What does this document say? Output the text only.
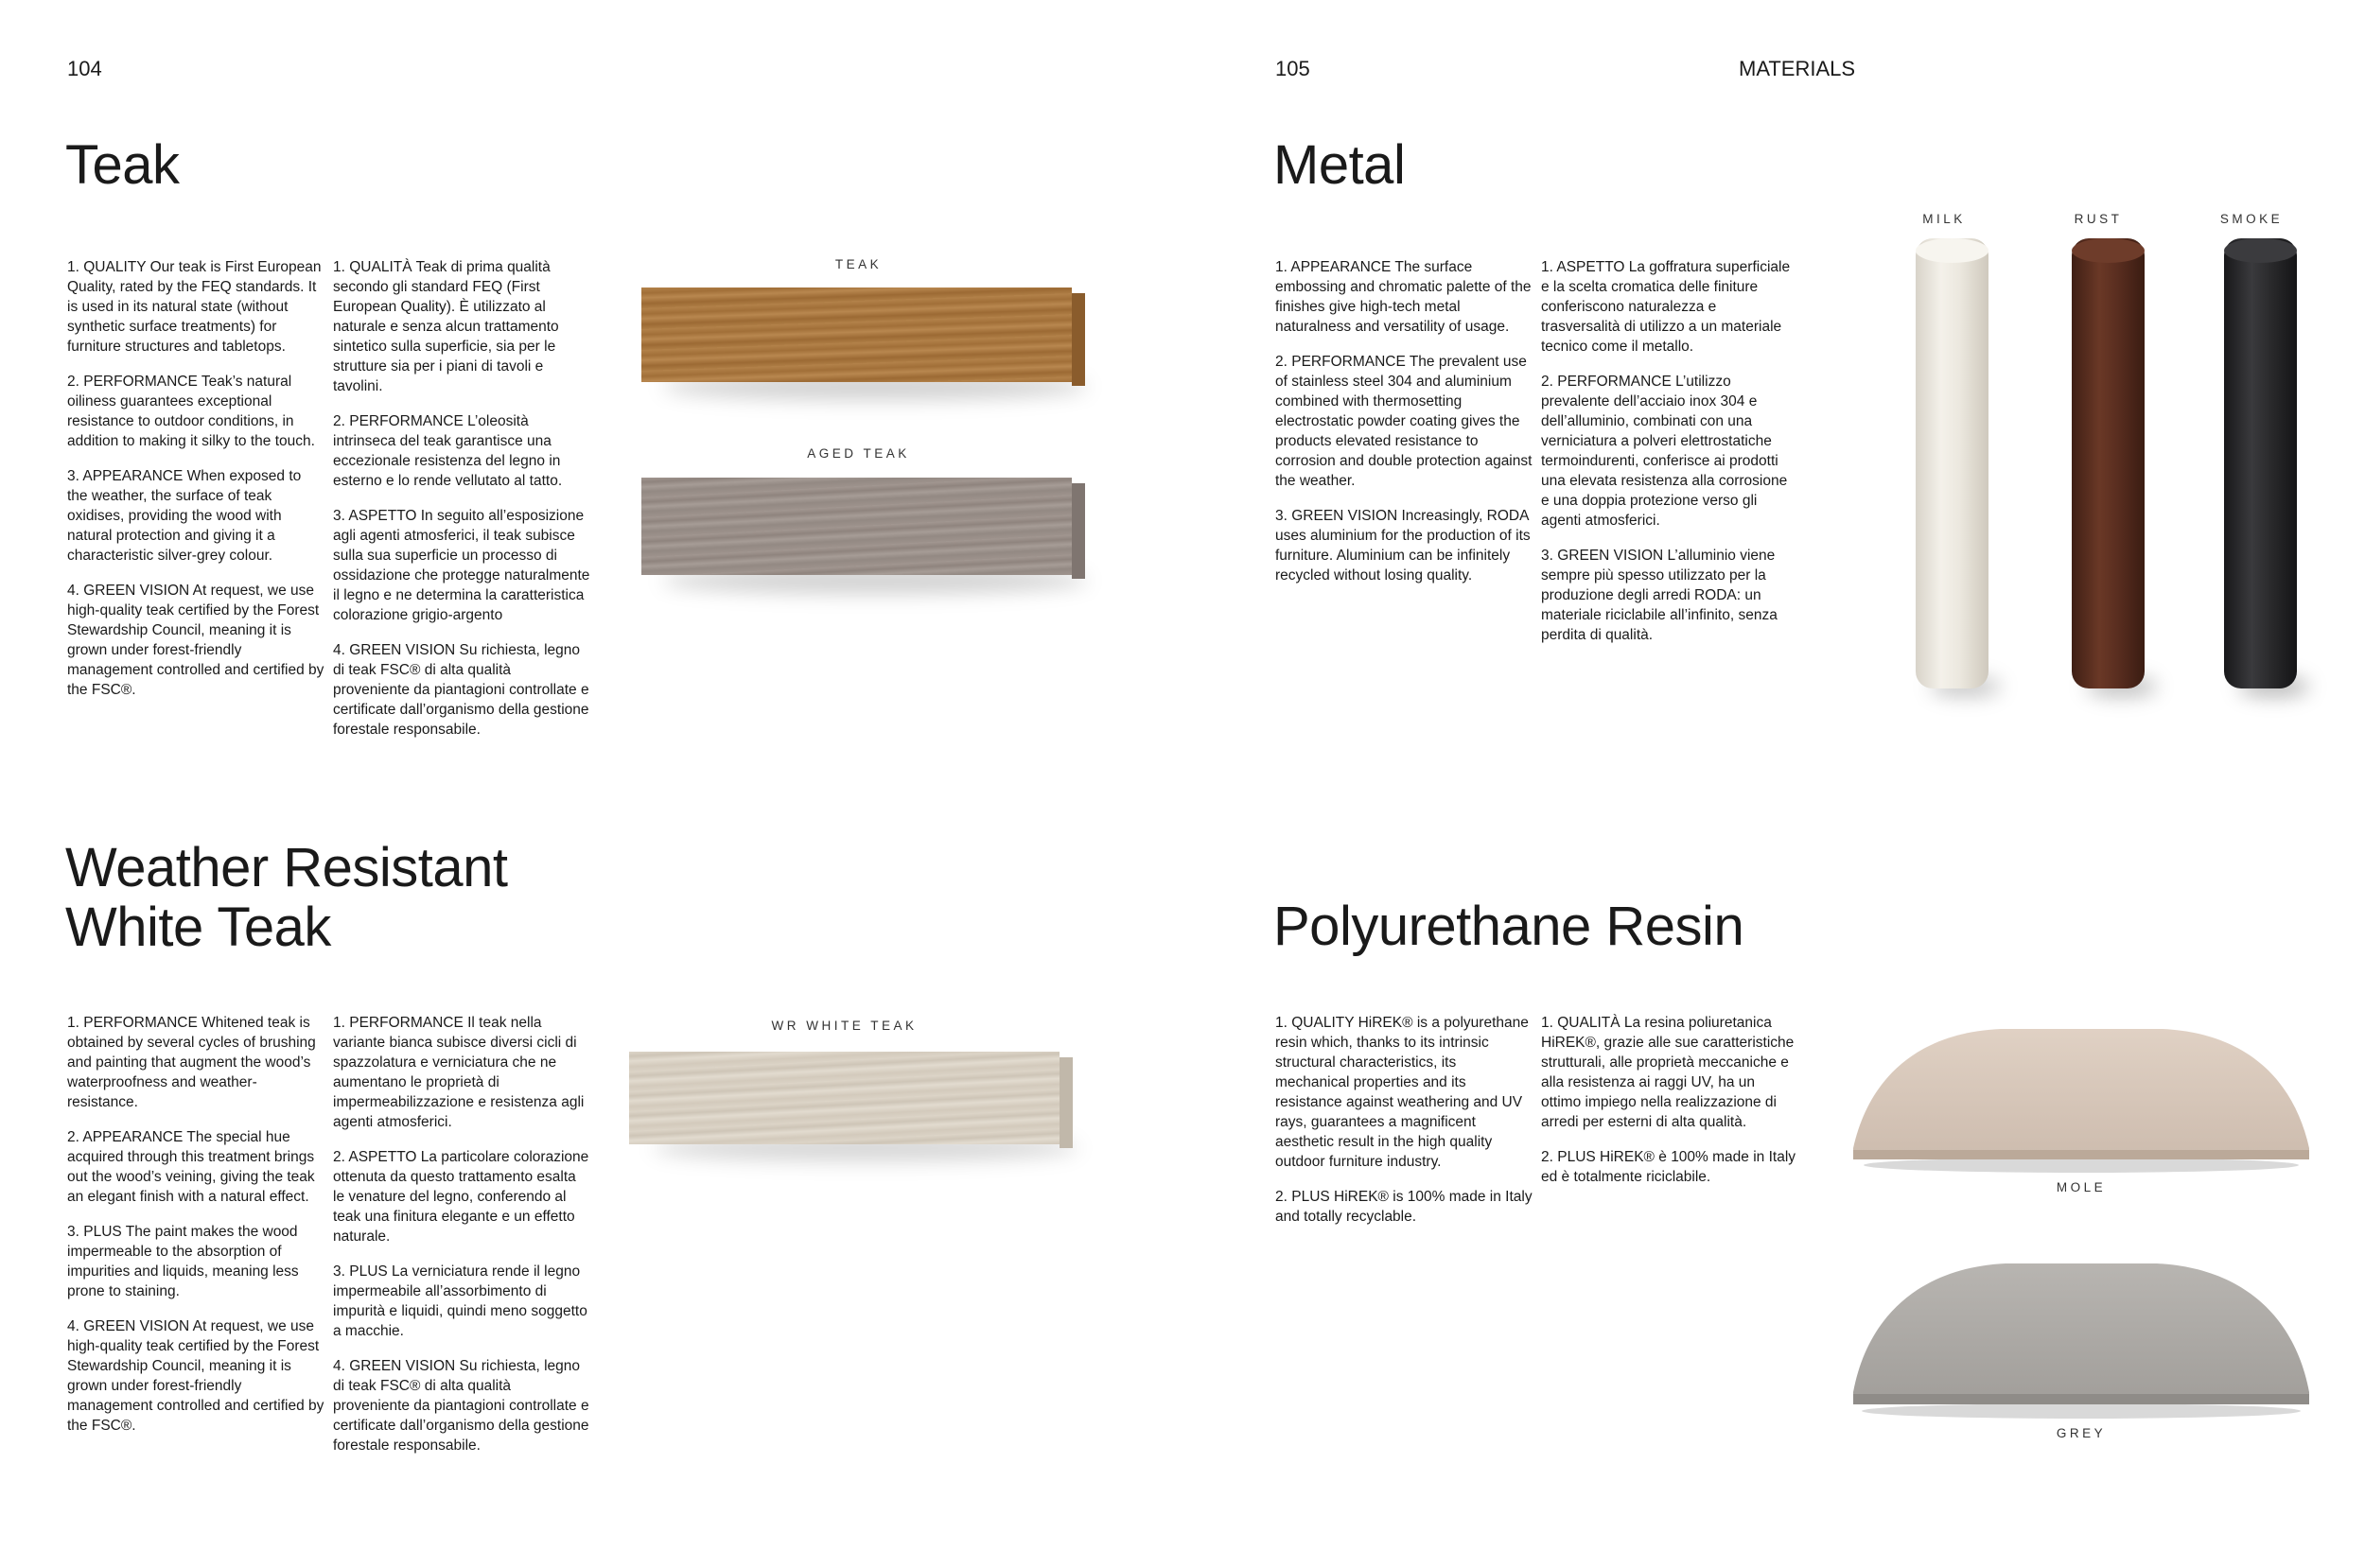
104
Teak

1. QUALITY Our teak is First European Quality, rated by the FEQ standards. It is used in its natural state (without synthetic surface treatments) for furniture structures and tabletops.

2. PERFORMANCE Teak’s natural oiliness guarantees exceptional resistance to outdoor conditions, in addition to making it silky to the touch.

3. APPEARANCE When exposed to the weather, the surface of teak oxidises, providing the wood with natural protection and giving it a characteristic silver-grey colour.

4. GREEN VISION At request, we use high-quality teak certified by the Forest Stewardship Council, meaning it is grown under forest-friendly management controlled and certified by the FSC®.

1. QUALITÀ Teak di prima qualità secondo gli standard FEQ (First European Quality). È utilizzato al naturale e senza alcun trattamento sintetico sulla superficie, sia per le strutture sia per i piani di tavoli e tavolini.

2. PERFORMANCE L’oleosità intrinseca del teak garantisce una eccezionale resistenza del legno in esterno e lo rende vellutato al tatto.

3. ASPETTO In seguito all’esposizione agli agenti atmosferici, il teak subisce sulla sua superficie un processo di ossidazione che protegge naturalmente il legno e ne determina la caratteristica colorazione grigio-argento

4. GREEN VISION Su richiesta, legno di teak FSC® di alta qualità proveniente da piantagioni controllate e certificate dall’organismo della gestione forestale responsabile.

TEAK
AGED TEAK
Weather Resistant
White Teak

1. PERFORMANCE Whitened teak is obtained by several cycles of brushing and painting that augment the wood’s waterproofness and weather-resistance.

2. APPEARANCE The special hue acquired through this treatment brings out the wood’s veining, giving the teak an elegant finish with a natural effect.

3. PLUS The paint makes the wood impermeable to the absorption of impurities and liquids, meaning less prone to staining.

4. GREEN VISION At request, we use high-quality teak certified by the Forest Stewardship Council, meaning it is grown under forest-friendly management controlled and certified by the FSC®.

1. PERFORMANCE Il teak nella variante bianca subisce diversi cicli di spazzolatura e verniciatura che ne aumentano le proprietà di impermeabilizzazione e resistenza agli agenti atmosferici.

2. ASPETTO La particolare colorazione ottenuta da questo trattamento esalta le venature del legno, conferendo al teak una finitura elegante e un effetto naturale.

3. PLUS La verniciatura rende il legno impermeabile all’assorbimento di impurità e liquidi, quindi meno soggetto a macchie.

4. GREEN VISION Su richiesta, legno di teak FSC® di alta qualità proveniente da piantagioni controllate e certificate dall’organismo della gestione forestale responsabile.

WR WHITE TEAK
105	MATERIALS
Metal

1. APPEARANCE The surface embossing and chromatic palette of the finishes give high-tech metal naturalness and versatility of usage.

2. PERFORMANCE The prevalent use of stainless steel 304 and aluminium combined with thermosetting electrostatic powder coating gives the products elevated resistance to corrosion and double protection against the weather.

3. GREEN VISION Increasingly, RODA uses aluminium for the production of its furniture. Aluminium can be infinitely recycled without losing quality.

1. ASPETTO La goffratura superficiale e la scelta cromatica delle finiture conferiscono naturalezza e trasversalità di utilizzo a un materiale tecnico come il metallo.

2. PERFORMANCE L’utilizzo prevalente dell’acciaio inox 304 e dell’alluminio, combinati con una verniciatura a polveri elettrostatiche termoindurenti, conferisce ai prodotti una elevata resistenza alla corrosione e una doppia protezione verso gli agenti atmosferici.

3. GREEN VISION L’alluminio viene sempre più spesso utilizzato per la produzione degli arredi RODA: un materiale riciclabile all’infinito, senza perdita di qualità.

MILK	RUST	SMOKE
Polyurethane Resin

1. QUALITY HiREK® is a polyurethane resin which, thanks to its intrinsic structural characteristics, its mechanical properties and its resistance against weathering and UV rays, guarantees a magnificent aesthetic result in the high quality outdoor furniture industry.

2. PLUS HiREK® is 100% made in Italy and totally recyclable.

1. QUALITÀ La resina poliuretanica HiREK®, grazie alle sue caratteristiche strutturali, alle proprietà meccaniche e alla resistenza ai raggi UV, ha un ottimo impiego nella realizzazione di arredi per esterni di alta qualità.

2. PLUS HiREK® è 100% made in Italy ed è totalmente riciclabile.

MOLE
GREY
